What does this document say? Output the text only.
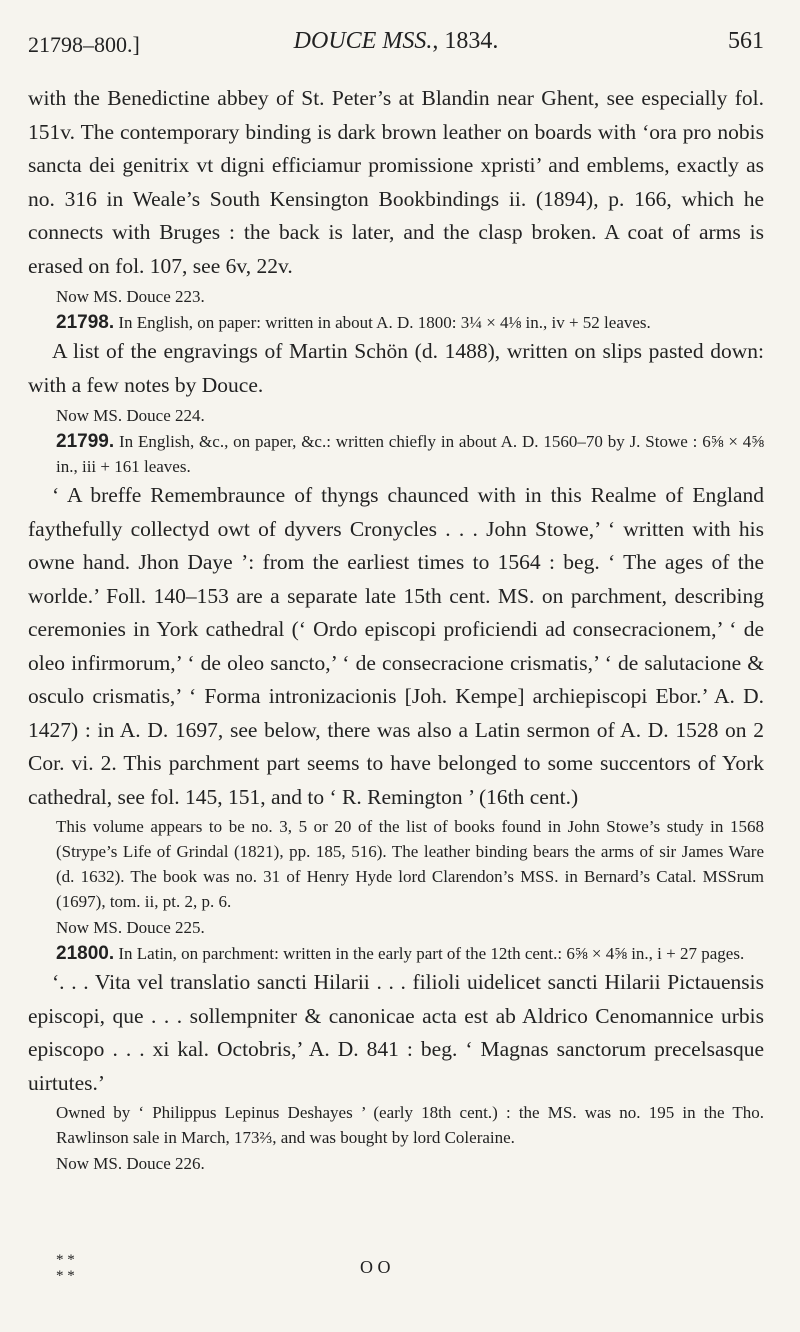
21798–800.]	DOUCE MSS., 1834.	561

with the Benedictine abbey of St. Peter’s at Blandin near Ghent, see especially fol. 151v. The contemporary binding is dark brown leather on boards with ‘ora pro nobis sancta dei genitrix vt digni efficiamur promissione xpristi’ and emblems, exactly as no. 316 in Weale’s South Kensington Bookbindings ii. (1894), p. 166, which he connects with Bruges : the back is later, and the clasp broken. A coat of arms is erased on fol. 107, see 6v, 22v.

Now MS. Douce 223.

21798. In English, on paper: written in about A. D. 1800: 3¼ × 4⅛ in., iv + 52 leaves.

A list of the engravings of Martin Schön (d. 1488), written on slips pasted down: with a few notes by Douce.

Now MS. Douce 224.

21799. In English, &c., on paper, &c.: written chiefly in about A. D. 1560–70 by J. Stowe : 6⅝ × 4⅝ in., iii + 161 leaves.

‘ A breffe Remembraunce of thyngs chaunced with in this Realme of England faythefully collectyd owt of dyvers Cronycles . . . John Stowe,’ ‘ written with his owne hand. Jhon Daye ’: from the earliest times to 1564 : beg. ‘ The ages of the worlde.’ Foll. 140–153 are a separate late 15th cent. MS. on parchment, describing ceremonies in York cathedral (‘ Ordo episcopi proficiendi ad consecracionem,’ ‘ de oleo infirmorum,’ ‘ de oleo sancto,’ ‘ de consecracione crismatis,’ ‘ de salutacione & osculo crismatis,’ ‘ Forma intronizacionis [Joh. Kempe] archiepiscopi Ebor.’ A. D. 1427) : in A. D. 1697, see below, there was also a Latin sermon of A. D. 1528 on 2 Cor. vi. 2. This parchment part seems to have belonged to some succentors of York cathedral, see fol. 145, 151, and to ‘ R. Remington ’ (16th cent.)

This volume appears to be no. 3, 5 or 20 of the list of books found in John Stowe’s study in 1568 (Strype’s Life of Grindal (1821), pp. 185, 516). The leather binding bears the arms of sir James Ware (d. 1632). The book was no. 31 of Henry Hyde lord Clarendon’s MSS. in Bernard’s Catal. MSSrum (1697), tom. ii, pt. 2, p. 6.

Now MS. Douce 225.

21800. In Latin, on parchment: written in the early part of the 12th cent.: 6⅝ × 4⅝ in., i + 27 pages.

‘. . . Vita vel translatio sancti Hilarii . . . filioli uidelicet sancti Hilarii Pictauensis episcopi, que . . . sollempniter & canonicae acta est ab Aldrico Cenomannice urbis episcopo . . . xi kal. Octobris,’ A. D. 841 : beg. ‘ Magnas sanctorum precelsasque uirtutes.’

Owned by ‘ Philippus Lepinus Deshayes ’ (early 18th cent.) : the MS. was no. 195 in the Tho. Rawlinson sale in March, 173⅔, and was bought by lord Coleraine.

Now MS. Douce 226.

* *
* *	O O
